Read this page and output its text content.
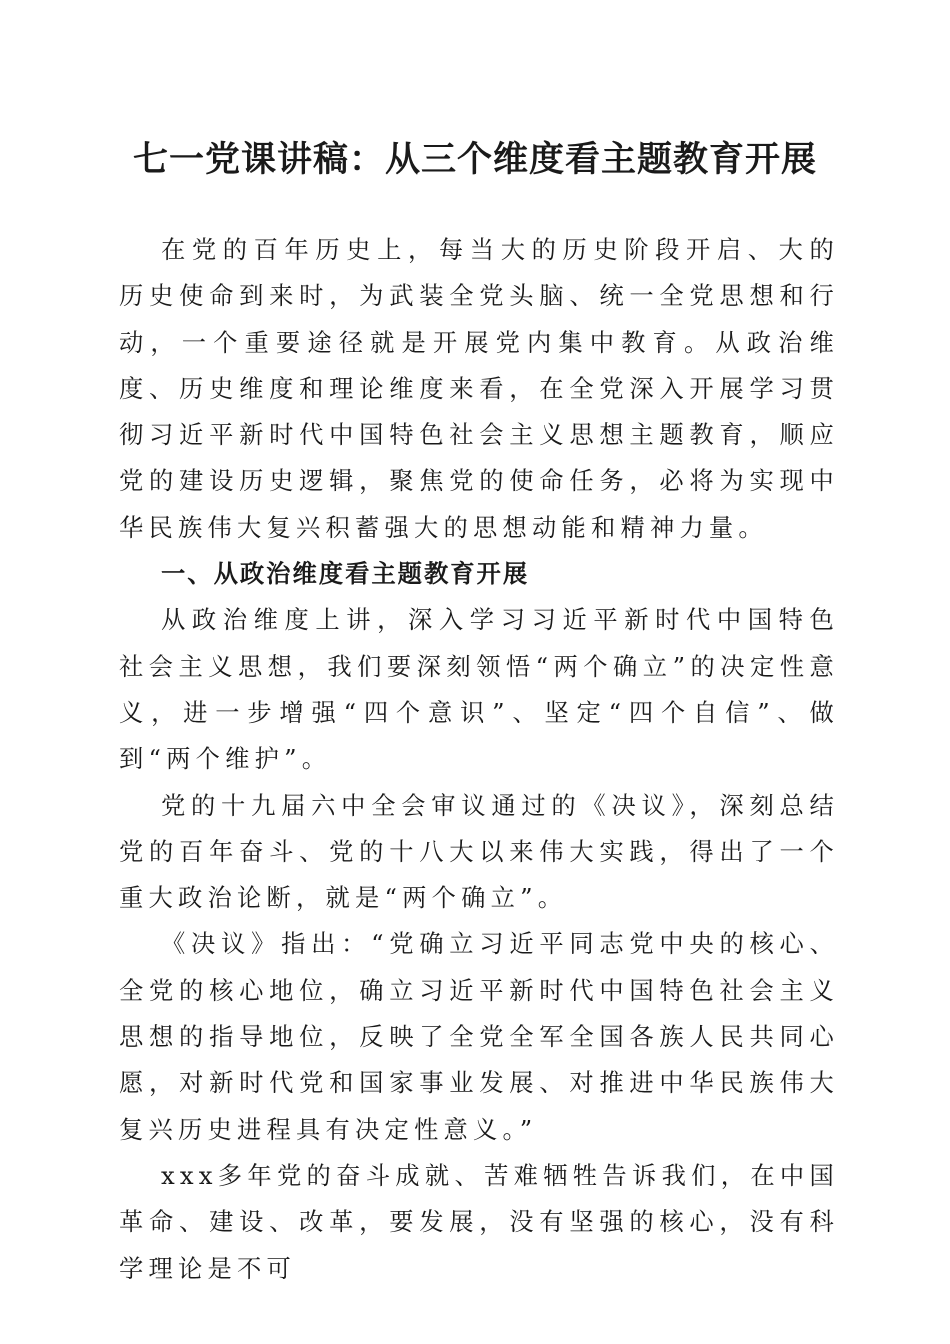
七一党课讲稿：从三个维度看主题教育开展

在党的百年历史上，每当大的历史阶段开启、大的历史使命到来时，为武装全党头脑、统一全党思想和行动，一个重要途径就是开展党内集中教育。从政治维度、历史维度和理论维度来看，在全党深入开展学习贯彻习近平新时代中国特色社会主义思想主题教育，顺应党的建设历史逻辑，聚焦党的使命任务，必将为实现中华民族伟大复兴积蓄强大的思想动能和精神力量。

一、从政治维度看主题教育开展

从政治维度上讲，深入学习习近平新时代中国特色社会主义思想，我们要深刻领悟“两个确立”的决定性意义，进一步增强“四个意识”、坚定“四个自信”、做到“两个维护”。

党的十九届六中全会审议通过的《决议》，深刻总结党的百年奋斗、党的十八大以来伟大实践，得出了一个重大政治论断，就是“两个确立”。

《决议》指出：“党确立习近平同志党中央的核心、全党的核心地位，确立习近平新时代中国特色社会主义思想的指导地位，反映了全党全军全国各族人民共同心愿，对新时代党和国家事业发展、对推进中华民族伟大复兴历史进程具有决定性意义。”

xxx多年党的奋斗成就、苦难牺牲告诉我们，在中国革命、建设、改革，要发展，没有坚强的核心，没有科学理论是不可
